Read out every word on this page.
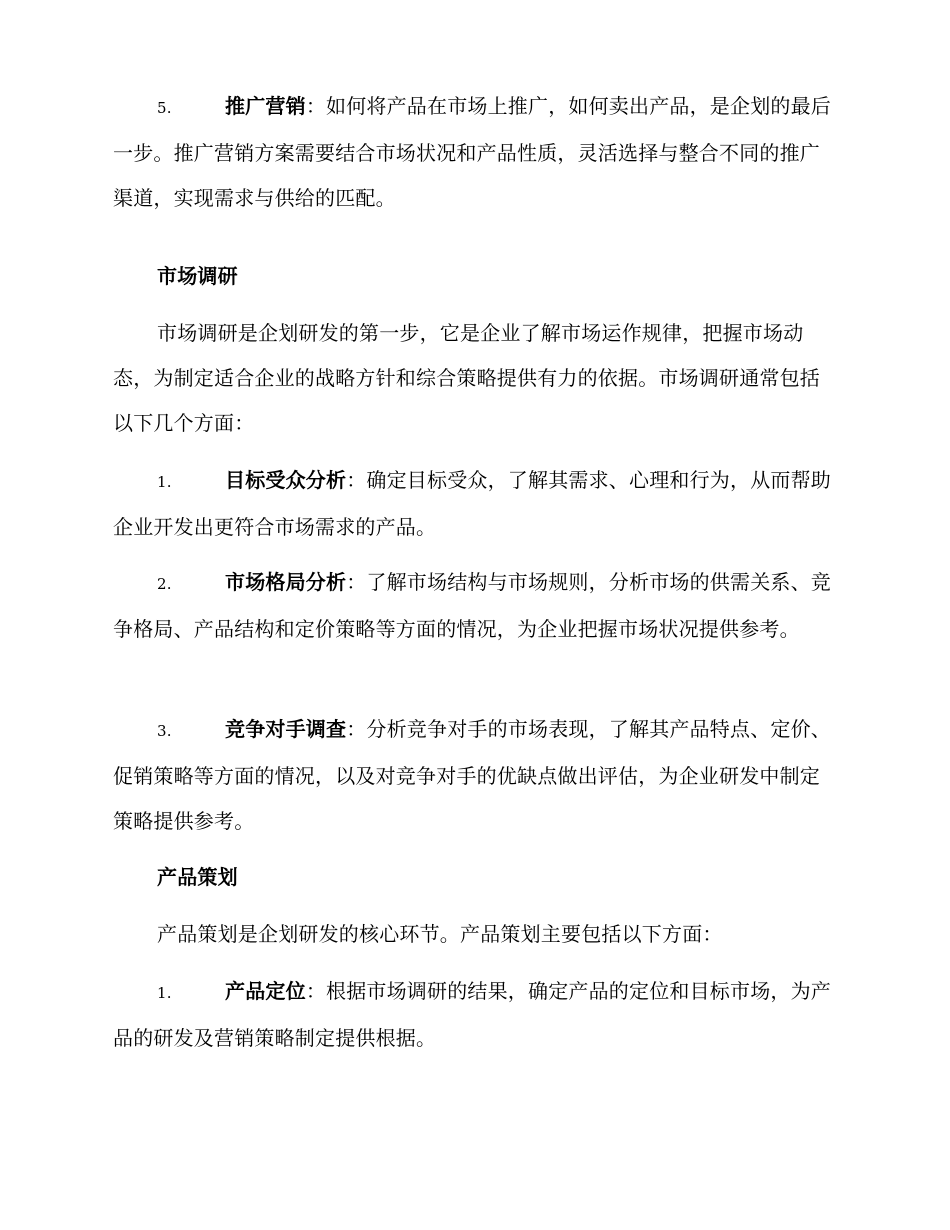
5.	推广营销：如何将产品在市场上推广，如何卖出产品，是企划的最后一步。推广营销方案需要结合市场状况和产品性质，灵活选择与整合不同的推广渠道，实现需求与供给的匹配。

市场调研

市场调研是企划研发的第一步，它是企业了解市场运作规律，把握市场动态，为制定适合企业的战略方针和综合策略提供有力的依据。市场调研通常包括以下几个方面：

1.	目标受众分析：确定目标受众，了解其需求、心理和行为，从而帮助企业开发出更符合市场需求的产品。

2.	市场格局分析：了解市场结构与市场规则，分析市场的供需关系、竞争格局、产品结构和定价策略等方面的情况，为企业把握市场状况提供参考。

3.	竞争对手调查：分析竞争对手的市场表现，了解其产品特点、定价、促销策略等方面的情况，以及对竞争对手的优缺点做出评估，为企业研发中制定策略提供参考。

产品策划

产品策划是企划研发的核心环节。产品策划主要包括以下方面：

1.	产品定位：根据市场调研的结果，确定产品的定位和目标市场，为产品的研发及营销策略制定提供根据。
